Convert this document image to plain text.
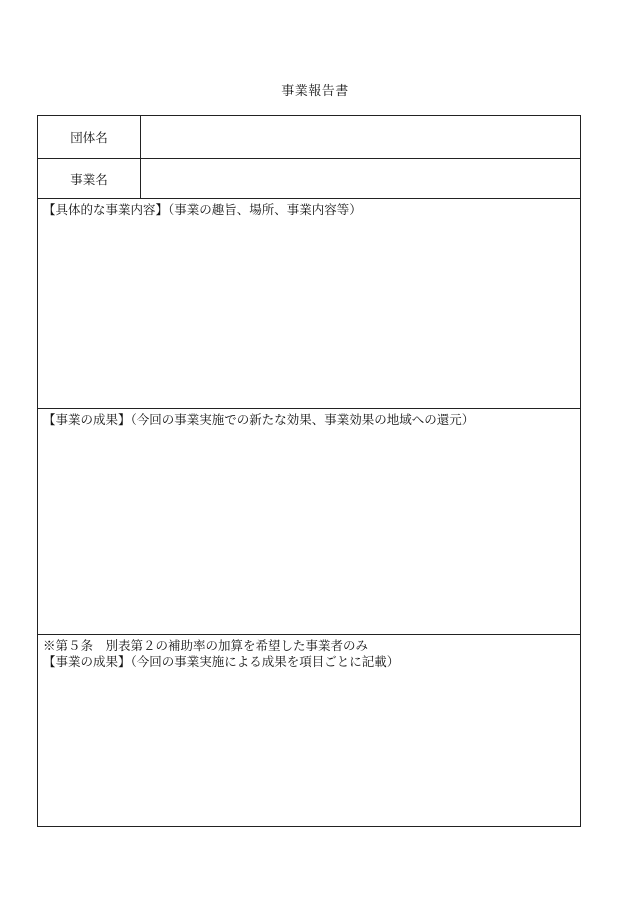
事業報告書
団体名
事業名
【具体的な事業内容】（事業の趣旨、場所、事業内容等）
【事業の成果】（今回の事業実施での新たな効果、事業効果の地域への還元）
※第５条　別表第２の補助率の加算を希望した事業者のみ
【事業の成果】（今回の事業実施による成果を項目ごとに記載）
